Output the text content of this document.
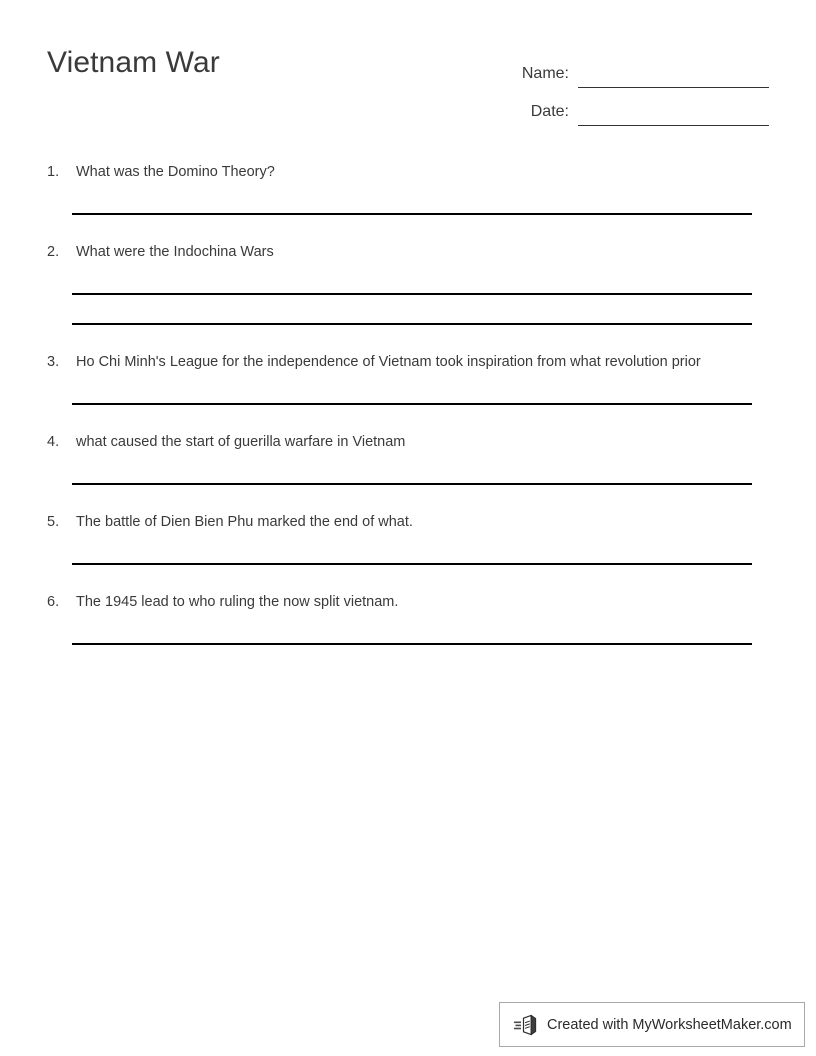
Vietnam War	Name:
Date:
1.	What was the Domino Theory?
2.	What were the Indochina Wars
3.	Ho Chi Minh's League for the independence of Vietnam took inspiration from what revolution prior
4.	what caused the start of guerilla warfare in Vietnam
5.	The battle of Dien Bien Phu marked the end of what.
6.	The 1945 lead to who ruling the now split vietnam.
Created with MyWorksheetMaker.com
